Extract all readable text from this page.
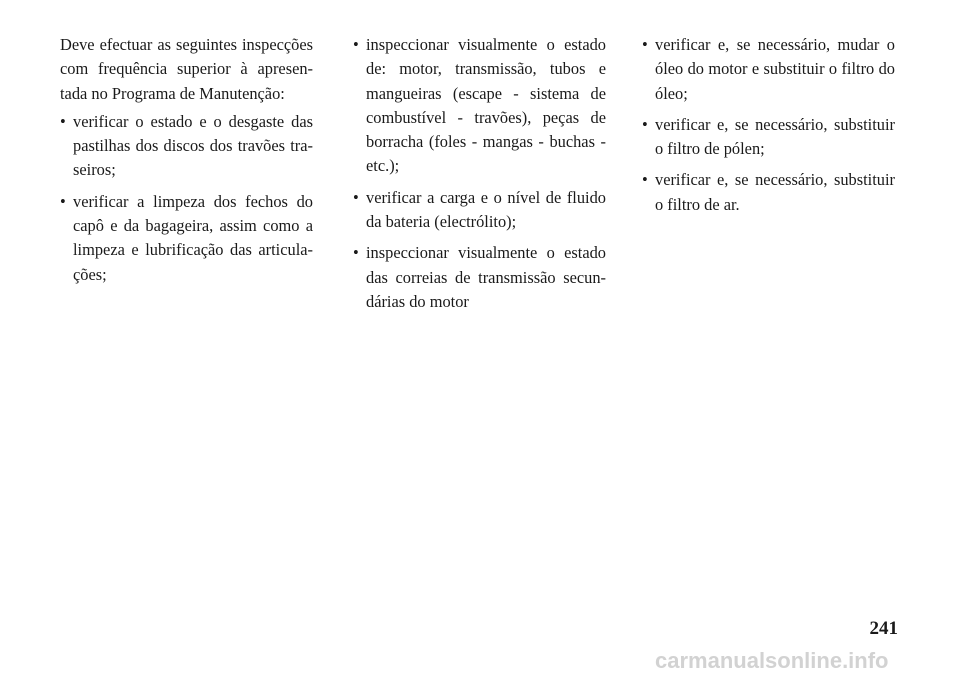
Deve efectuar as seguintes inspecções com frequência superior à apresen- tada no Programa de Manutenção:

• verificar o estado e o desgaste das pastilhas dos discos dos travões tra- seiros;
• verificar a limpeza dos fechos do capô e da bagageira, assim como a limpeza e lubrificação das articula- ções;
• inspeccionar visualmente o estado de: motor, transmissão, tubos e mangueiras (escape - sistema de combustível - travões), peças de borracha (foles - mangas - buchas - etc.);
• verificar a carga e o nível de fluido da bateria (electrólito);
• inspeccionar visualmente o estado das correias de transmissão secun- dárias do motor
• verificar e, se necessário, mudar o óleo do motor e substituir o filtro do óleo;
• verificar e, se necessário, substituir o filtro de pólen;
• verificar e, se necessário, substituir o filtro de ar.
241
carmanualsonline.info
